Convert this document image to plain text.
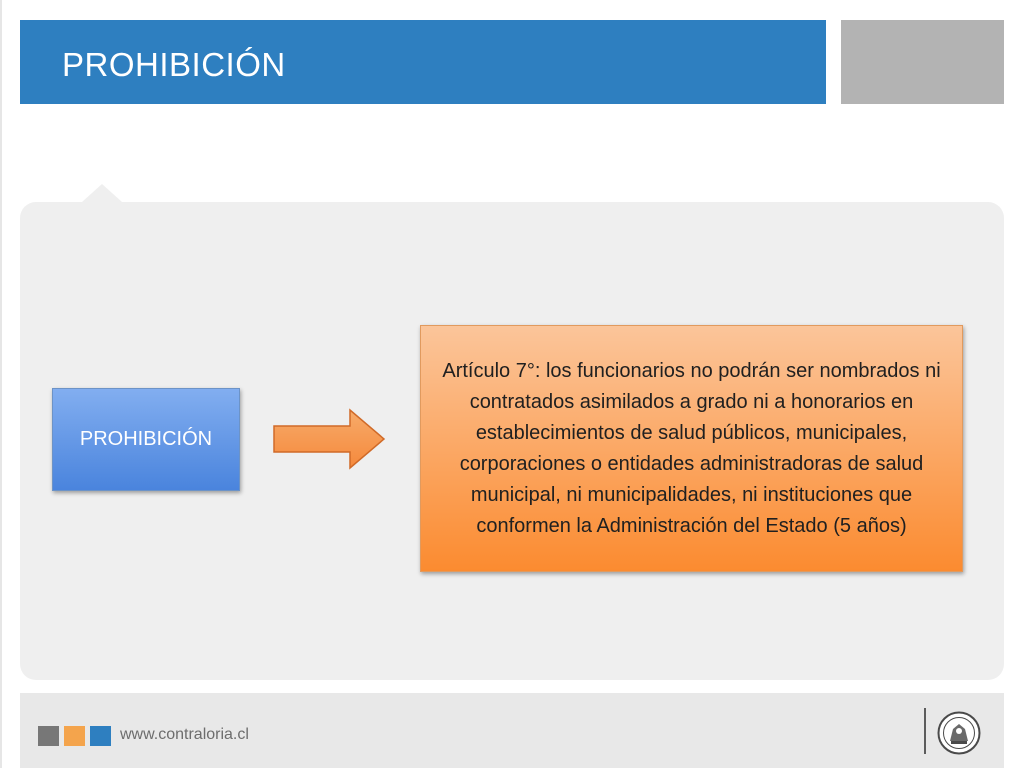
PROHIBICIÓN
PROHIBICIÓN
Artículo 7°: los funcionarios no podrán ser nombrados ni contratados asimilados a grado ni a honorarios en establecimientos de salud públicos, municipales, corporaciones o entidades administradoras de salud municipal, ni municipalidades, ni instituciones que conformen la Administración del Estado (5 años)
www.contraloria.cl
